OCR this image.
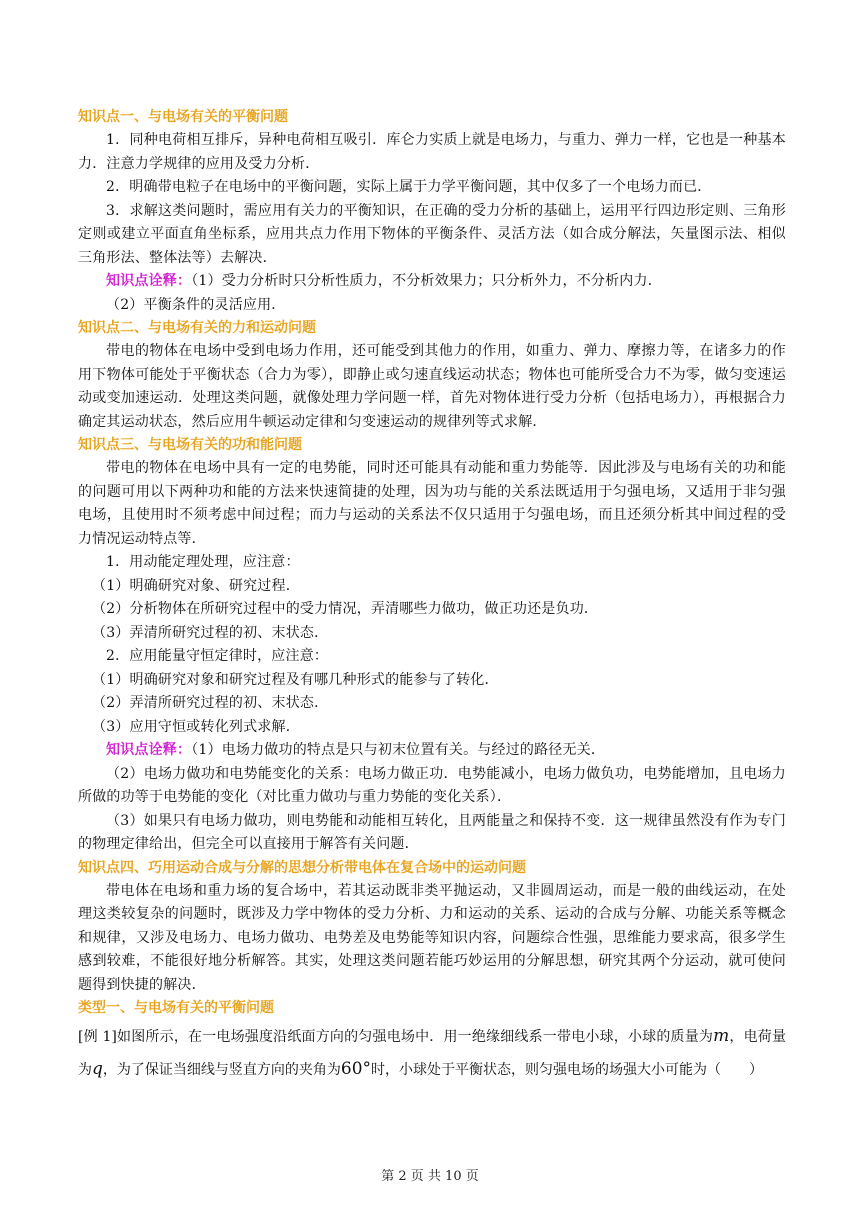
知识点一、与电场有关的平衡问题

1．同种电荷相互排斥，异种电荷相互吸引．库仑力实质上就是电场力，与重力、弹力一样，它也是一种基本力．注意力学规律的应用及受力分析．

2．明确带电粒子在电场中的平衡问题，实际上属于力学平衡问题，其中仅多了一个电场力而已．

3．求解这类问题时，需应用有关力的平衡知识，在正确的受力分析的基础上，运用平行四边形定则、三角形定则或建立平面直角坐标系，应用共点力作用下物体的平衡条件、灵活方法（如合成分解法，矢量图示法、相似三角形法、整体法等）去解决．

知识点诠释：（1）受力分析时只分析性质力，不分析效果力；只分析外力，不分析内力．

（2）平衡条件的灵活应用．

知识点二、与电场有关的力和运动问题

带电的物体在电场中受到电场力作用，还可能受到其他力的作用，如重力、弹力、摩擦力等，在诸多力的作用下物体可能处于平衡状态（合力为零），即静止或匀速直线运动状态；物体也可能所受合力不为零，做匀变速运动或变加速运动．处理这类问题，就像处理力学问题一样，首先对物体进行受力分析（包括电场力），再根据合力确定其运动状态，然后应用牛顿运动定律和匀变速运动的规律列等式求解．

知识点三、与电场有关的功和能问题

带电的物体在电场中具有一定的电势能，同时还可能具有动能和重力势能等．因此涉及与电场有关的功和能的问题可用以下两种功和能的方法来快速简捷的处理，因为功与能的关系法既适用于匀强电场，又适用于非匀强电场，且使用时不须考虑中间过程；而力与运动的关系法不仅只适用于匀强电场，而且还须分析其中间过程的受力情况运动特点等．

1．用动能定理处理，应注意：

（1）明确研究对象、研究过程．

（2）分析物体在所研究过程中的受力情况，弄清哪些力做功，做正功还是负功．

（3）弄清所研究过程的初、末状态．

2．应用能量守恒定律时，应注意：

（1）明确研究对象和研究过程及有哪几种形式的能参与了转化．

（2）弄清所研究过程的初、末状态．

（3）应用守恒或转化列式求解．

知识点诠释：（1）电场力做功的特点是只与初末位置有关。与经过的路径无关．

（2）电场力做功和电势能变化的关系：电场力做正功．电势能减小，电场力做负功，电势能增加，且电场力所做的功等于电势能的变化（对比重力做功与重力势能的变化关系）．

（3）如果只有电场力做功，则电势能和动能相互转化，且两能量之和保持不变．这一规律虽然没有作为专门的物理定律给出，但完全可以直接用于解答有关问题．

知识点四、巧用运动合成与分解的思想分析带电体在复合场中的运动问题

带电体在电场和重力场的复合场中，若其运动既非类平抛运动，又非圆周运动，而是一般的曲线运动，在处理这类较复杂的问题时，既涉及力学中物体的受力分析、力和运动的关系、运动的合成与分解、功能关系等概念和规律，又涉及电场力、电场力做功、电势差及电势能等知识内容，问题综合性强，思维能力要求高，很多学生感到较难，不能很好地分析解答。其实，处理这类问题若能巧妙运用的分解思想，研究其两个分运动，就可使问题得到快捷的解决．

类型一、与电场有关的平衡问题

[例 1]如图所示，在一电场强度沿纸面方向的匀强电场中．用一绝缘细线系一带电小球，小球的质量为m，电荷量为q，为了保证当细线与竖直方向的夹角为60°时，小球处于平衡状态，则匀强电场的场强大小可能为（　　）

第 2 页 共 10 页
